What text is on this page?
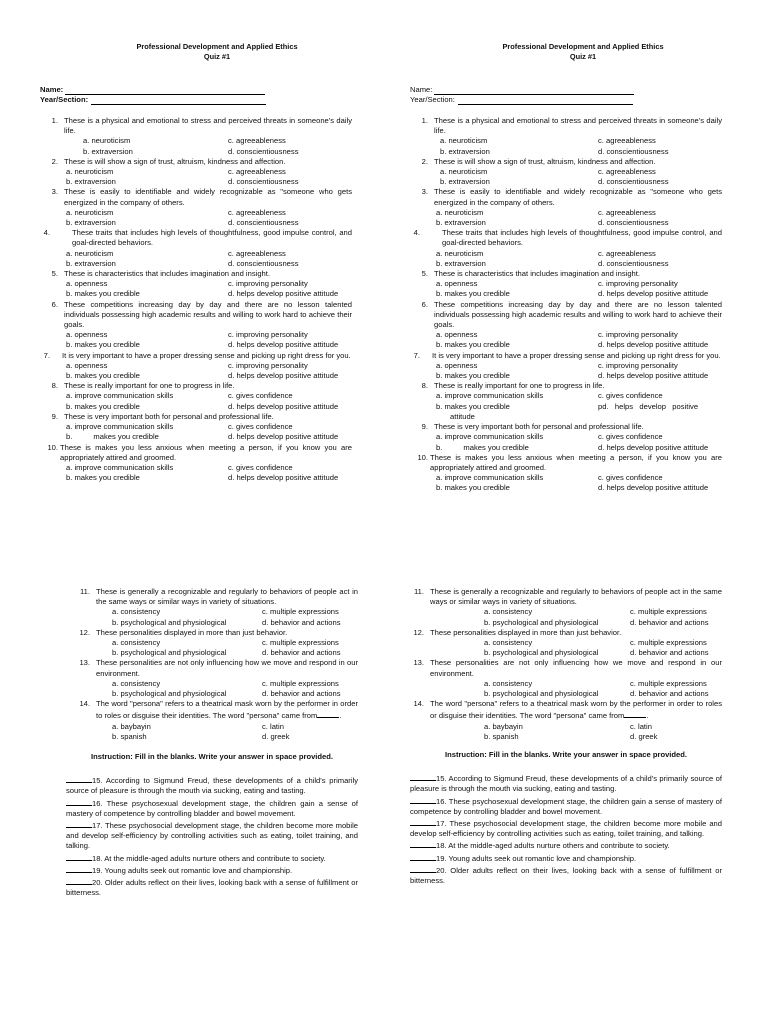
Professional Development and Applied Ethics
Quiz #1
Name:
Year/Section:
1. These is a physical and emotional to stress and perceived threats in someone's daily life.
a. neuroticism	c. agreeableness
b. extraversion	d. conscientiousness
2. These is will show a sign of trust, altruism, kindness and affection.
a. neuroticism	c. agreeableness
b. extraversion	d. conscientiousness
3. These is easily to identifiable and widely recognizable as "someone who gets energized in the company of others.
a. neuroticism	c. agreeableness
b. extraversion	d. conscientiousness
4.	These traits that includes high levels of thoughtfulness, good impulse control, and goal-directed behaviors.
a. neuroticism	c. agreeableness
b. extraversion	d. conscientiousness
5. These is characteristics that includes imagination and insight.
a. openness	c. improving personality
b. makes you credible	d. helps develop positive attitude
6. These competitions increasing day by day and there are no lesson talented individuals possessing high academic results and willing to work hard to achieve their goals.
a. openness	c. improving personality
b. makes you credible	d. helps develop positive attitude
7.	It is very important to have a proper dressing sense and picking up right dress for you.
a. openness	c. improving personality
b. makes you credible	d. helps develop positive attitude
8. These is really important for one to progress in life.
a. improve communication skills	c. gives confidence
b. makes you credible	d. helps develop positive attitude
9. These is very important both for personal and professional life.
a. improve communication skills	c. gives confidence
b.          makes you credible	d. helps develop positive attitude
10. These is makes you less anxious when meeting a person, if you know you are appropriately attired and groomed.
a. improve communication skills	c. gives confidence
b. makes you credible	d. helps develop positive attitude
Professional Development and Applied Ethics
Quiz #1
Name:
Year/Section:
1. These is a physical and emotional to stress and perceived threats in someone's daily life.
a. neuroticism	c. agreeableness
b. extraversion	d. conscientiousness
2. These is will show a sign of trust, altruism, kindness and affection.
a. neuroticism	c. agreeableness
b. extraversion	d. conscientiousness
3. These is easily to identifiable and widely recognizable as "someone who gets energized in the company of others.
a. neuroticism	c. agreeableness
b. extraversion	d. conscientiousness
4.	These traits that includes high levels of thoughtfulness, good impulse control, and goal-directed behaviors.
a. neuroticism	c. agreeableness
b. extraversion	d. conscientiousness
5. These is characteristics that includes imagination and insight.
a. openness	c. improving personality
b. makes you credible	d. helps develop positive attitude
6. These competitions increasing day by day and there are no lesson talented individuals possessing high academic results and willing to work hard to achieve their goals.
a. openness	c. improving personality
b. makes you credible	d. helps develop positive attitude
7.	It is very important to have a proper dressing sense and picking up right dress for you.
a. openness	c. improving personality
b. makes you credible	d. helps develop positive attitude
8. These is really important for one to progress in life.
a. improve communication skills	c. gives confidence
b. makes you credible	pd.   helps   develop   positive
attitude
9. These is very important both for personal and professional life.
a. improve communication skills	c. gives confidence
b.          makes you credible	d. helps develop positive attitude
10. These is makes you less anxious when meeting a person, if you know you are appropriately attired and groomed.
a. improve communication skills	c. gives confidence
b. makes you credible	d. helps develop positive attitude
11. These is generally a recognizable and regularly to behaviors of people act in the same ways or similar ways in variety of situations.
a. consistency	c. multiple expressions
b. psychological and physiological	d. behavior and actions
12. These personalities displayed in more than just behavior.
a. consistency	c. multiple expressions
b. psychological and physiological	d. behavior and actions
13. These personalities are not only influencing how we move and respond in our environment.
a. consistency	c. multiple expressions
b. psychological and physiological	d. behavior and actions
14. The word "persona" refers to a theatrical mask worn by the performer in order to roles or disguise their identities. The word "persona" came from	.
a. baybayin	c. latin
b. spanish	d. greek
Instruction: Fill in the blanks. Write your answer in space provided.
15. According to Sigmund Freud, these developments of a child's primarily source of pleasure is through the mouth via sucking, eating and tasting.
16. These psychosexual development stage, the children gain a sense of mastery of competence by controlling bladder and bowel movement.
17. These psychosocial development stage, the children become more mobile and develop self-efficiency by controlling activities such as eating, toilet training, and talking.
18. At the middle-aged adults nurture others and contribute to society.
19. Young adults seek out romantic love and championship.
20. Older adults reflect on their lives, looking back with a sense of fulfillment or bitterness.
11. These is generally a recognizable and regularly to behaviors of people act in the same ways or similar ways in variety of situations.
a. consistency	c. multiple expressions
b. psychological and physiological	d. behavior and actions
12. These personalities displayed in more than just behavior.
a. consistency	c. multiple expressions
b. psychological and physiological	d. behavior and actions
13. These personalities are not only influencing how we move and respond in our environment.
a. consistency	c. multiple expressions
b. psychological and physiological	d. behavior and actions
14. The word "persona" refers to a theatrical mask worn by the performer in order to roles or disguise their identities. The word "persona" came from	.
a. baybayin	c. latin
b. spanish	d. greek
Instruction: Fill in the blanks. Write your answer in space provided.
15. According to Sigmund Freud, these developments of a child's primarily source of pleasure is through the mouth via sucking, eating and tasting.
16. These psychosexual development stage, the children gain a sense of mastery of competence by controlling bladder and bowel movement.
17. These psychosocial development stage, the children become more mobile and develop self-efficiency by controlling activities such as eating, toilet training, and talking.
18. At the middle-aged adults nurture others and contribute to society.
19. Young adults seek out romantic love and championship.
20. Older adults reflect on their lives, looking back with a sense of fulfillment or bitterness.
